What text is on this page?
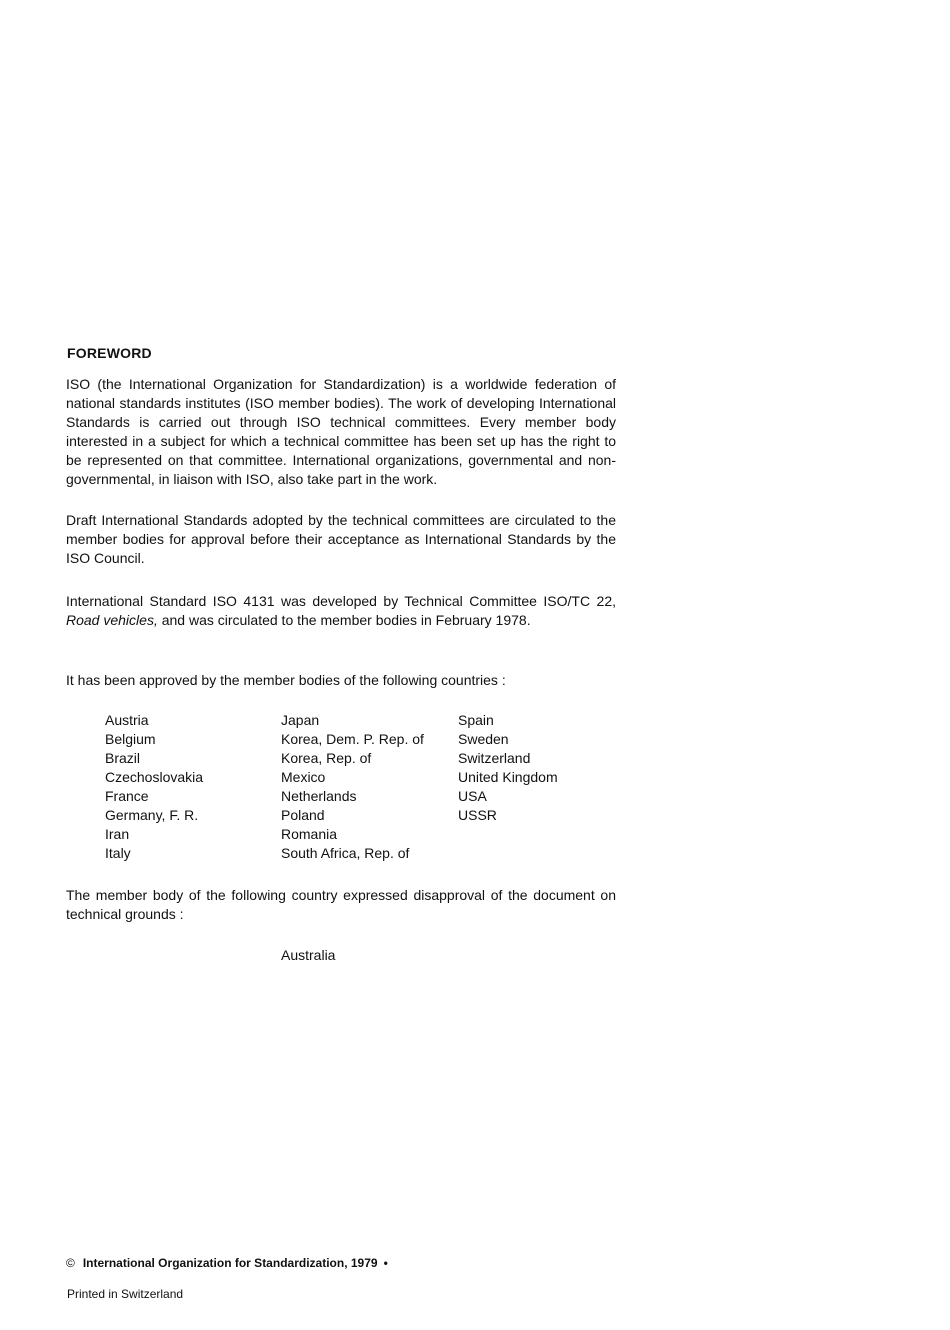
FOREWORD

ISO (the International Organization for Standardization) is a worldwide federation of national standards institutes (ISO member bodies). The work of developing International Standards is carried out through ISO technical committees. Every member body interested in a subject for which a technical committee has been set up has the right to be represented on that committee. International organizations, governmental and non-governmental, in liaison with ISO, also take part in the work.

Draft International Standards adopted by the technical committees are circulated to the member bodies for approval before their acceptance as International Standards by the ISO Council.

International Standard ISO 4131 was developed by Technical Committee ISO/TC 22, Road vehicles, and was circulated to the member bodies in February 1978.

It has been approved by the member bodies of the following countries :

Austria
Belgium
Brazil
Czechoslovakia
France
Germany, F. R.
Iran
Italy
Japan
Korea, Dem. P. Rep. of
Korea, Rep. of
Mexico
Netherlands
Poland
Romania
South Africa, Rep. of
Spain
Sweden
Switzerland
United Kingdom
USA
USSR

The member body of the following country expressed disapproval of the document on technical grounds :

Australia
© International Organization for Standardization, 1979 •
Printed in Switzerland
